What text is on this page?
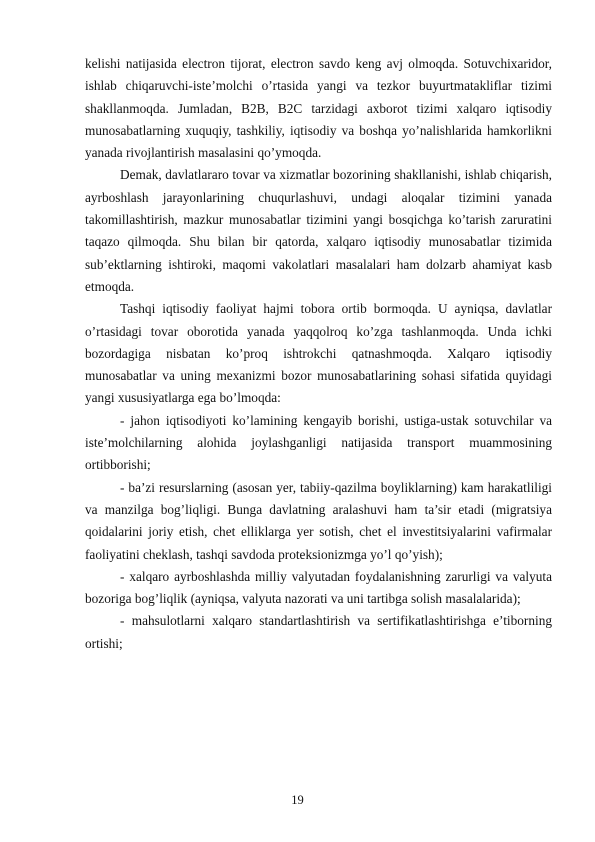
kelishi natijasida electron tijorat, electron savdo keng avj olmoqda. Sotuvchixaridor, ishlab chiqaruvchi-iste’molchi o’rtasida yangi va tezkor buyurtmatakliflar tizimi shakllanmoqda. Jumladan, B2B, B2C tarzidagi axborot tizimi xalqaro iqtisodiy munosabatlarning xuquqiy, tashkiliy, iqtisodiy va boshqa yo’nalishlarida hamkorlikni yanada rivojlantirish masalasini qo’ymoqda.

Demak, davlatlararo tovar va xizmatlar bozorining shakllanishi, ishlab chiqarish, ayrboshlash jarayonlarining chuqurlashuvi, undagi aloqalar tizimini yanada takomillashtirish, mazkur munosabatlar tizimini yangi bosqichga ko’tarish zaruratini taqazo qilmoqda. Shu bilan bir qatorda, xalqaro iqtisodiy munosabatlar tizimida sub’ektlarning ishtiroki, maqomi vakolatlari masalalari ham dolzarb ahamiyat kasb etmoqda.

Tashqi iqtisodiy faoliyat hajmi tobora ortib bormoqda. U ayniqsa, davlatlar o’rtasidagi tovar oborotida yanada yaqqolroq ko’zga tashlanmoqda. Unda ichki bozordagiga nisbatan ko’proq ishtrokchi qatnashmoqda. Xalqaro iqtisodiy munosabatlar va uning mexanizmi bozor munosabatlarining sohasi sifatida quyidagi yangi xususiyatlarga ega bo’lmoqda:

- jahon iqtisodiyoti ko’lamining kengayib borishi, ustiga-ustak sotuvchilar va iste’molchilarning alohida joylashganligi natijasida transport muammosining ortibborishi;

- ba’zi resurslarning (asosan yer, tabiiy-qazilma boyliklarning) kam harakatliligi va manzilga bog’liqligi. Bunga davlatning aralashuvi ham ta’sir etadi (migratsiya qoidalarini joriy etish, chet elliklarga yer sotish, chet el investitsiyalarini vafirmalar faoliyatini cheklash, tashqi savdoda proteksionizmga yo’l qo’yish);

- xalqaro ayrboshlashda milliy valyutadan foydalanishning zarurligi va valyuta bozoriga bog’liqlik (ayniqsa, valyuta nazorati va uni tartibga solish masalalarida);

- mahsulotlarni xalqaro standartlashtirish va sertifikatlashtirishga e’tiborning ortishi;

19
